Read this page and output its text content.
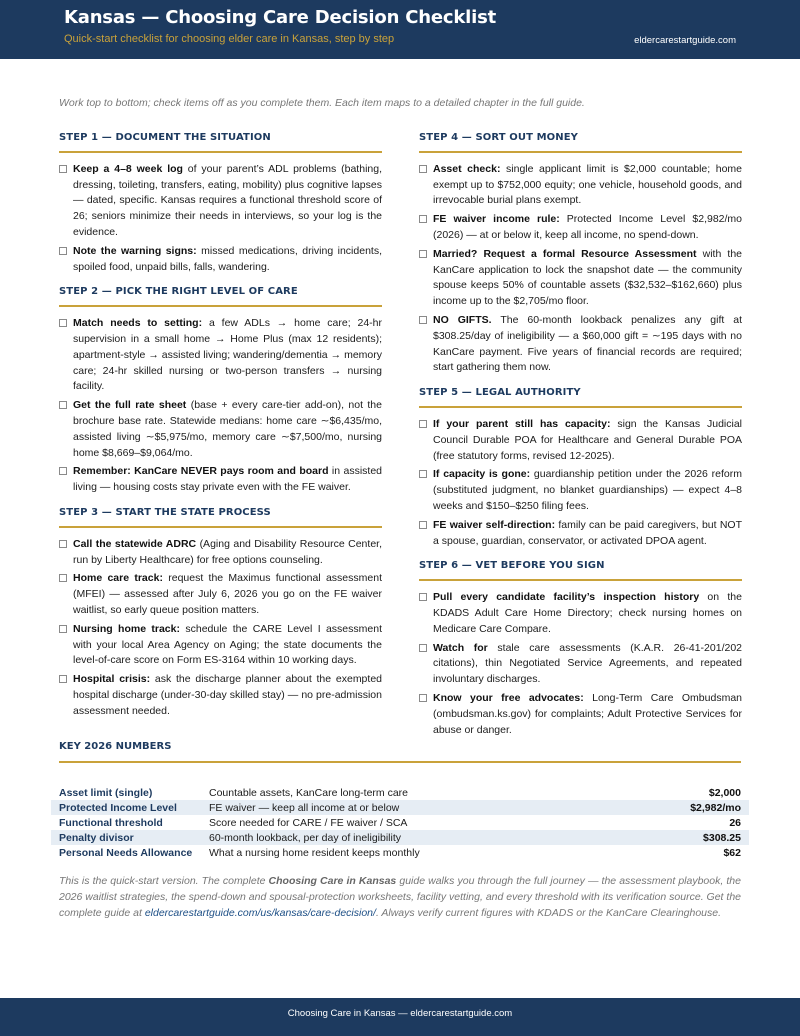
Kansas — Choosing Care Decision Checklist
Quick-start checklist for choosing elder care in Kansas, step by step	eldercarestartguide.com
Work top to bottom; check items off as you complete them. Each item maps to a detailed chapter in the full guide.
STEP 1 — DOCUMENT THE SITUATION
Keep a 4–8 week log of your parent’s ADL problems (bathing, dressing, toileting, transfers, eating, mobility) plus cognitive lapses — dated, specific. Kansas requires a functional threshold score of 26; seniors minimize their needs in interviews, so your log is the evidence.
Note the warning signs: missed medications, driving incidents, spoiled food, unpaid bills, falls, wandering.
STEP 2 — PICK THE RIGHT LEVEL OF CARE
Match needs to setting: a few ADLs → home care; 24-hr supervision in a small home → Home Plus (max 12 residents); apartment-style → assisted living; wandering/dementia → memory care; 24-hr skilled nursing or two-person transfers → nursing facility.
Get the full rate sheet (base + every care-tier add-on), not the brochure base rate. Statewide medians: home care ∼$6,435/mo, assisted living ∼$5,975/mo, memory care ∼$7,500/mo, nursing home $8,669–$9,064/mo.
Remember: KanCare NEVER pays room and board in assisted living — housing costs stay private even with the FE waiver.
STEP 3 — START THE STATE PROCESS
Call the statewide ADRC (Aging and Disability Resource Center, run by Liberty Healthcare) for free options counseling.
Home care track: request the Maximus functional assessment (MFEI) — assessed after July 6, 2026 you go on the FE waiver waitlist, so early queue position matters.
Nursing home track: schedule the CARE Level I assessment with your local Area Agency on Aging; the state documents the level-of-care score on Form ES-3164 within 10 working days.
Hospital crisis: ask the discharge planner about the exempted hospital discharge (under-30-day skilled stay) — no pre-admission assessment needed.
STEP 4 — SORT OUT MONEY
Asset check: single applicant limit is $2,000 countable; home exempt up to $752,000 equity; one vehicle, household goods, and irrevocable burial plans exempt.
FE waiver income rule: Protected Income Level $2,982/mo (2026) — at or below it, keep all income, no spend-down.
Married? Request a formal Resource Assessment with the KanCare application to lock the snapshot date — the community spouse keeps 50% of countable assets ($32,532–$162,660) plus income up to the $2,705/mo floor.
NO GIFTS. The 60-month lookback penalizes any gift at $308.25/day of ineligibility — a $60,000 gift = ∼195 days with no KanCare payment. Five years of financial records are required; start gathering them now.
STEP 5 — LEGAL AUTHORITY
If your parent still has capacity: sign the Kansas Judicial Council Durable POA for Healthcare and General Durable POA (free statutory forms, revised 12-2025).
If capacity is gone: guardianship petition under the 2026 reform (substituted judgment, no blanket guardianships) — expect 4–8 weeks and $150–$250 filing fees.
FE waiver self-direction: family can be paid caregivers, but NOT a spouse, guardian, conservator, or activated DPOA agent.
STEP 6 — VET BEFORE YOU SIGN
Pull every candidate facility’s inspection history on the KDADS Adult Care Home Directory; check nursing homes on Medicare Care Compare.
Watch for stale care assessments (K.A.R. 26-41-201/202 citations), thin Negotiated Service Agreements, and repeated involuntary discharges.
Know your free advocates: Long-Term Care Ombudsman (ombudsman.ks.gov) for complaints; Adult Protective Services for abuse or danger.
KEY 2026 NUMBERS
Asset limit (single)	Countable assets, KanCare long-term care	$2,000
Protected Income Level	FE waiver — keep all income at or below	$2,982/mo
Functional threshold	Score needed for CARE / FE waiver / SCA	26
Penalty divisor	60-month lookback, per day of ineligibility	$308.25
Personal Needs Allowance	What a nursing home resident keeps monthly	$62
This is the quick-start version. The complete Choosing Care in Kansas guide walks you through the full journey — the assessment playbook, the 2026 waitlist strategies, the spend-down and spousal-protection worksheets, facility vetting, and every threshold with its verification source. Get the complete guide at eldercarestartguide.com/us/kansas/care-decision/. Always verify current figures with KDADS or the KanCare Clearinghouse.
Choosing Care in Kansas — eldercarestartguide.com
